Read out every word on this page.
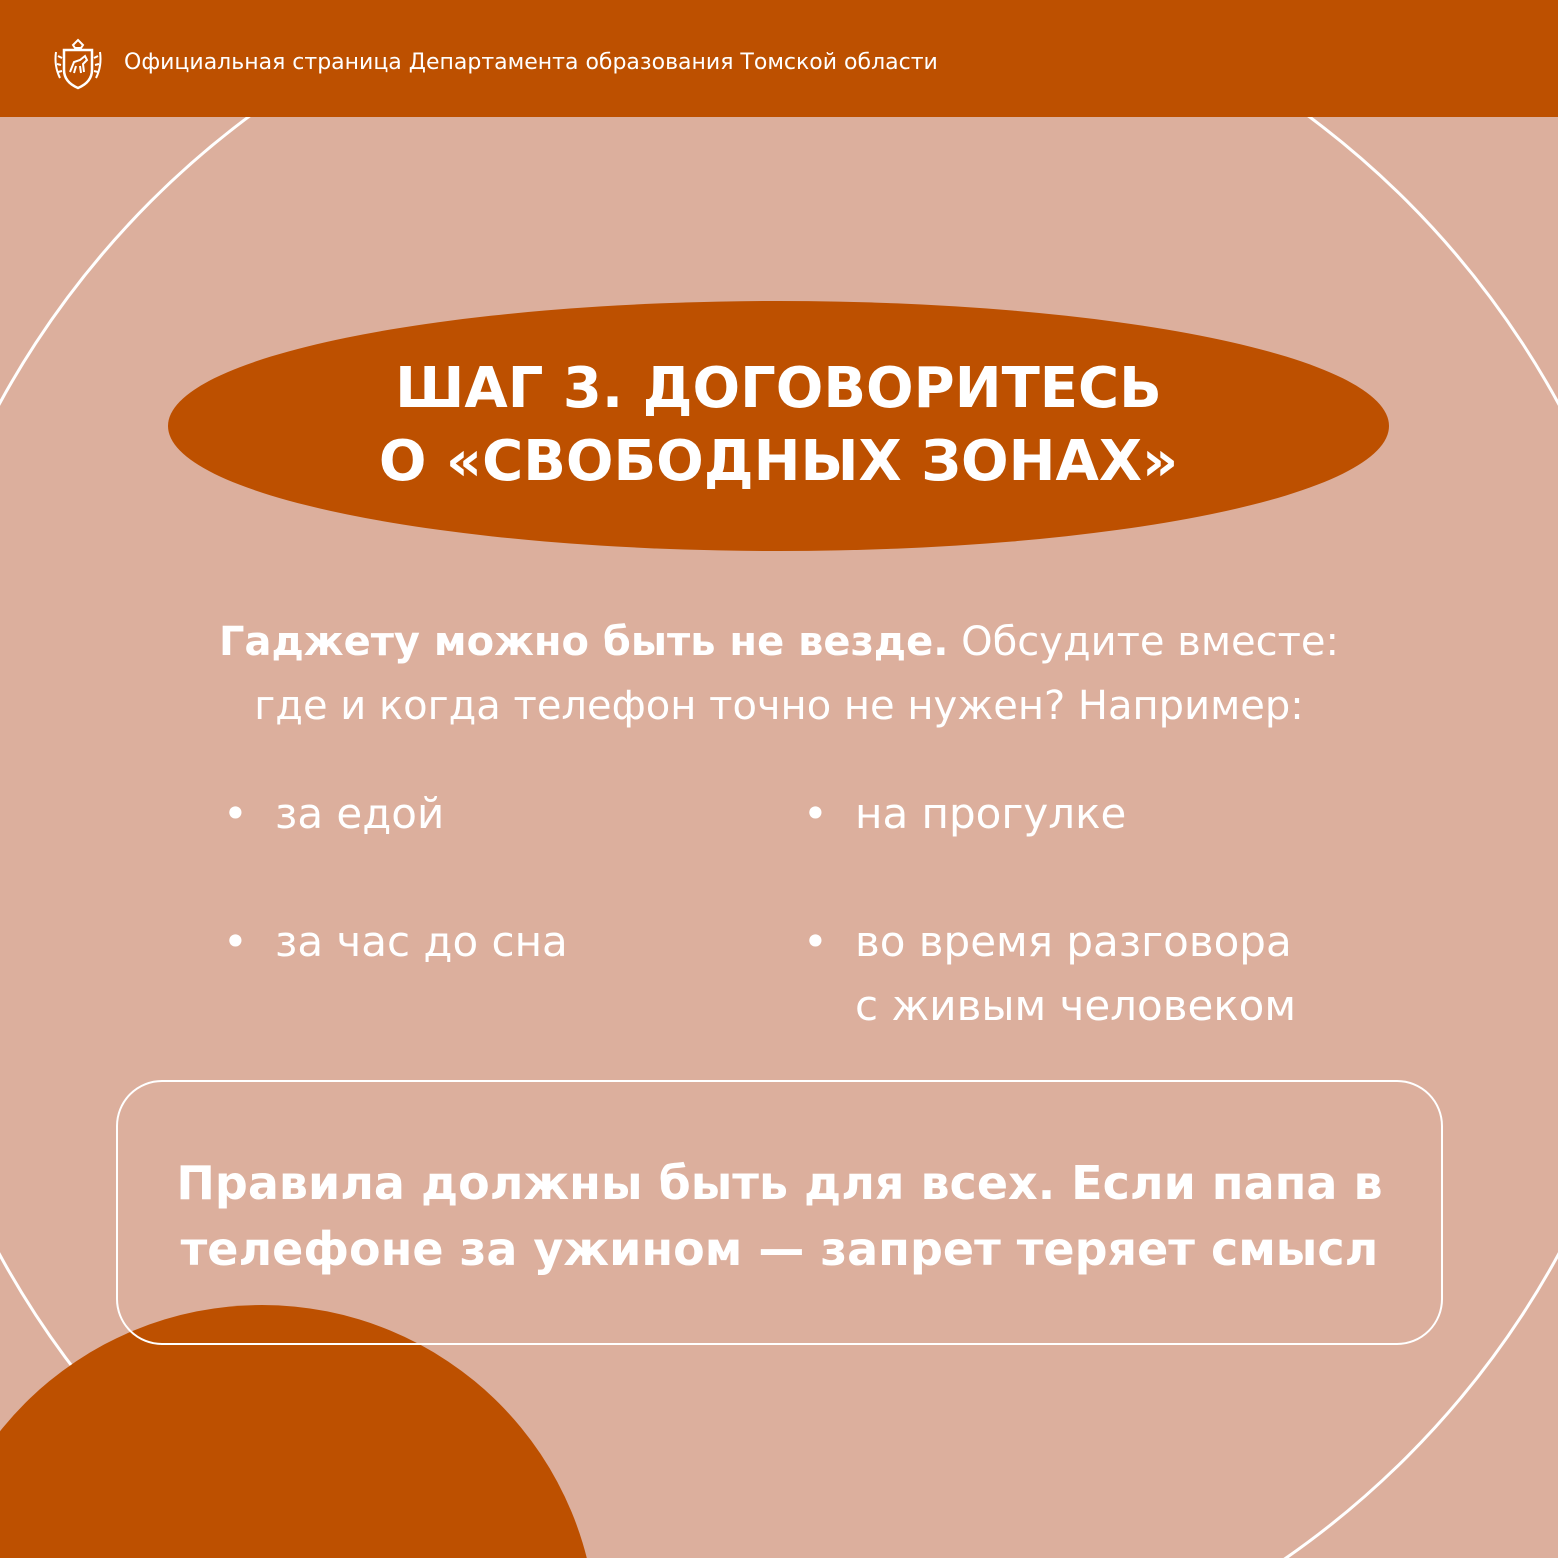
Официальная страница Департамента образования Томской области
ШАГ 3. ДОГОВОРИТЕСЬ
О «СВОБОДНЫХ ЗОНАХ»
Гаджету можно быть не везде. Обсудите вместе:
где и когда телефон точно не нужен? Например:
• за едой	• на прогулке
• за час до сна	• во время разговора
с живым человеком
Правила должны быть для всех. Если папа в
телефоне за ужином — запрет теряет смысл
